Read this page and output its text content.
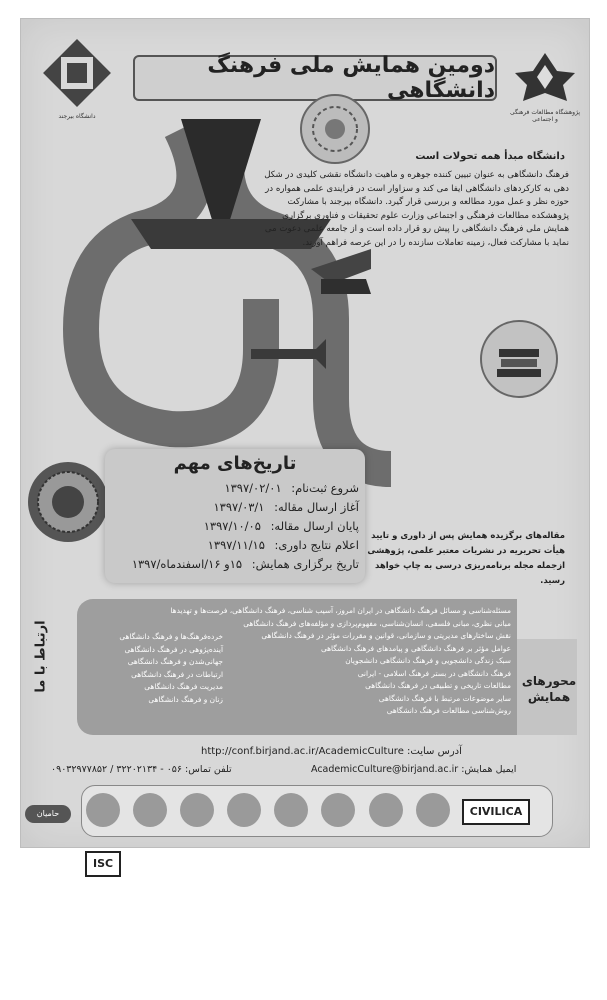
پژوهشگاه مطالعات فرهنگی و اجتماعی
دانشگاه بیرجند
دومین همایش ملی فرهنگ دانشگاهی
دانشگاه مبدأ همه تحولات است
فرهنگ دانشگاهی به عنوان تبیین کننده جوهره و ماهیت دانشگاه نقشی کلیدی در شکل دهی به کارکردهای دانشگاهی ایفا می کند و سزاوار است در فرایندی علمی همواره در حوزه نظر و عمل مورد مطالعه و بررسی قرار گیرد. دانشگاه بیرجند با مشارکت پژوهشکده مطالعات فرهنگی و اجتماعی وزارت علوم تحقیقات و فناوری برگزاری همایش ملی فرهنگ دانشگاهی را پیش رو قرار داده است و از جامعه علمی دعوت می نماید با مشارکت فعال، زمینه تعاملات سازنده را در این عرصه فراهم آورند.
تاریخ‌های مهم
شروع ثبت‌نام: ۱۳۹۷/۰۲/۰۱
آغاز ارسال مقاله: ۱۳۹۷/۰۳/۱
پایان ارسال مقاله: ۱۳۹۷/۱۰/۰۵
اعلام نتایج داوری: ۱۳۹۷/۱۱/۱۵
تاریخ برگزاری همایش: ۱۵و ۱۶/اسفندماه/۱۳۹۷
مقاله‌های برگزیده همایش پس از داوری و تایید هیأت تحریریه در نشریات معتبر علمی، پژوهشی ازجمله مجله برنامه‌ریزی درسی به چاپ خواهد رسید.
محورهای
همایش
مسئله‌شناسی و مسائل فرهنگ دانشگاهی در ایران امروز، آسیب شناسی، فرهنگ دانشگاهی، فرصت‌ها و تهدیدها
مبانی نظری، مبانی فلسفی، انسان‌شناسی، مفهوم‌پردازی و مؤلفه‌های فرهنگ دانشگاهی
نقش ساختارهای مدیریتی و سازمانی، قوانین و مقررات مؤثر در فرهنگ دانشگاهی
عوامل مؤثر بر فرهنگ دانشگاهی و پیامدهای فرهنگ دانشگاهی
سبک زندگی دانشجویی و فرهنگ دانشگاهی دانشجویان
فرهنگ دانشگاهی در بستر فرهنگ اسلامی - ایرانی
مطالعات تاریخی و تطبیقی در فرهنگ دانشگاهی
سایر موضوعات مرتبط با فرهنگ دانشگاهی
روش‌شناسی مطالعات فرهنگ دانشگاهی
خرده‌فرهنگ‌ها و فرهنگ دانشگاهی
آینده‌پژوهی در فرهنگ دانشگاهی
جهانی‌شدن و فرهنگ دانشگاهی
ارتباطات در فرهنگ دانشگاهی
مدیریت فرهنگ دانشگاهی
زنان و فرهنگ دانشگاهی
ارتباط با ما
آدرس سایت: http://conf.birjand.ac.ir/AcademicCulture
ایمیل همایش: AcademicCulture@birjand.ac.ir
تلفن تماس: ۰۵۶ - ۳۲۲۰۲۱۳۴ / ۰۹۰۳۲۹۷۷۸۵۲
حامیان	CIVILICA ISC
